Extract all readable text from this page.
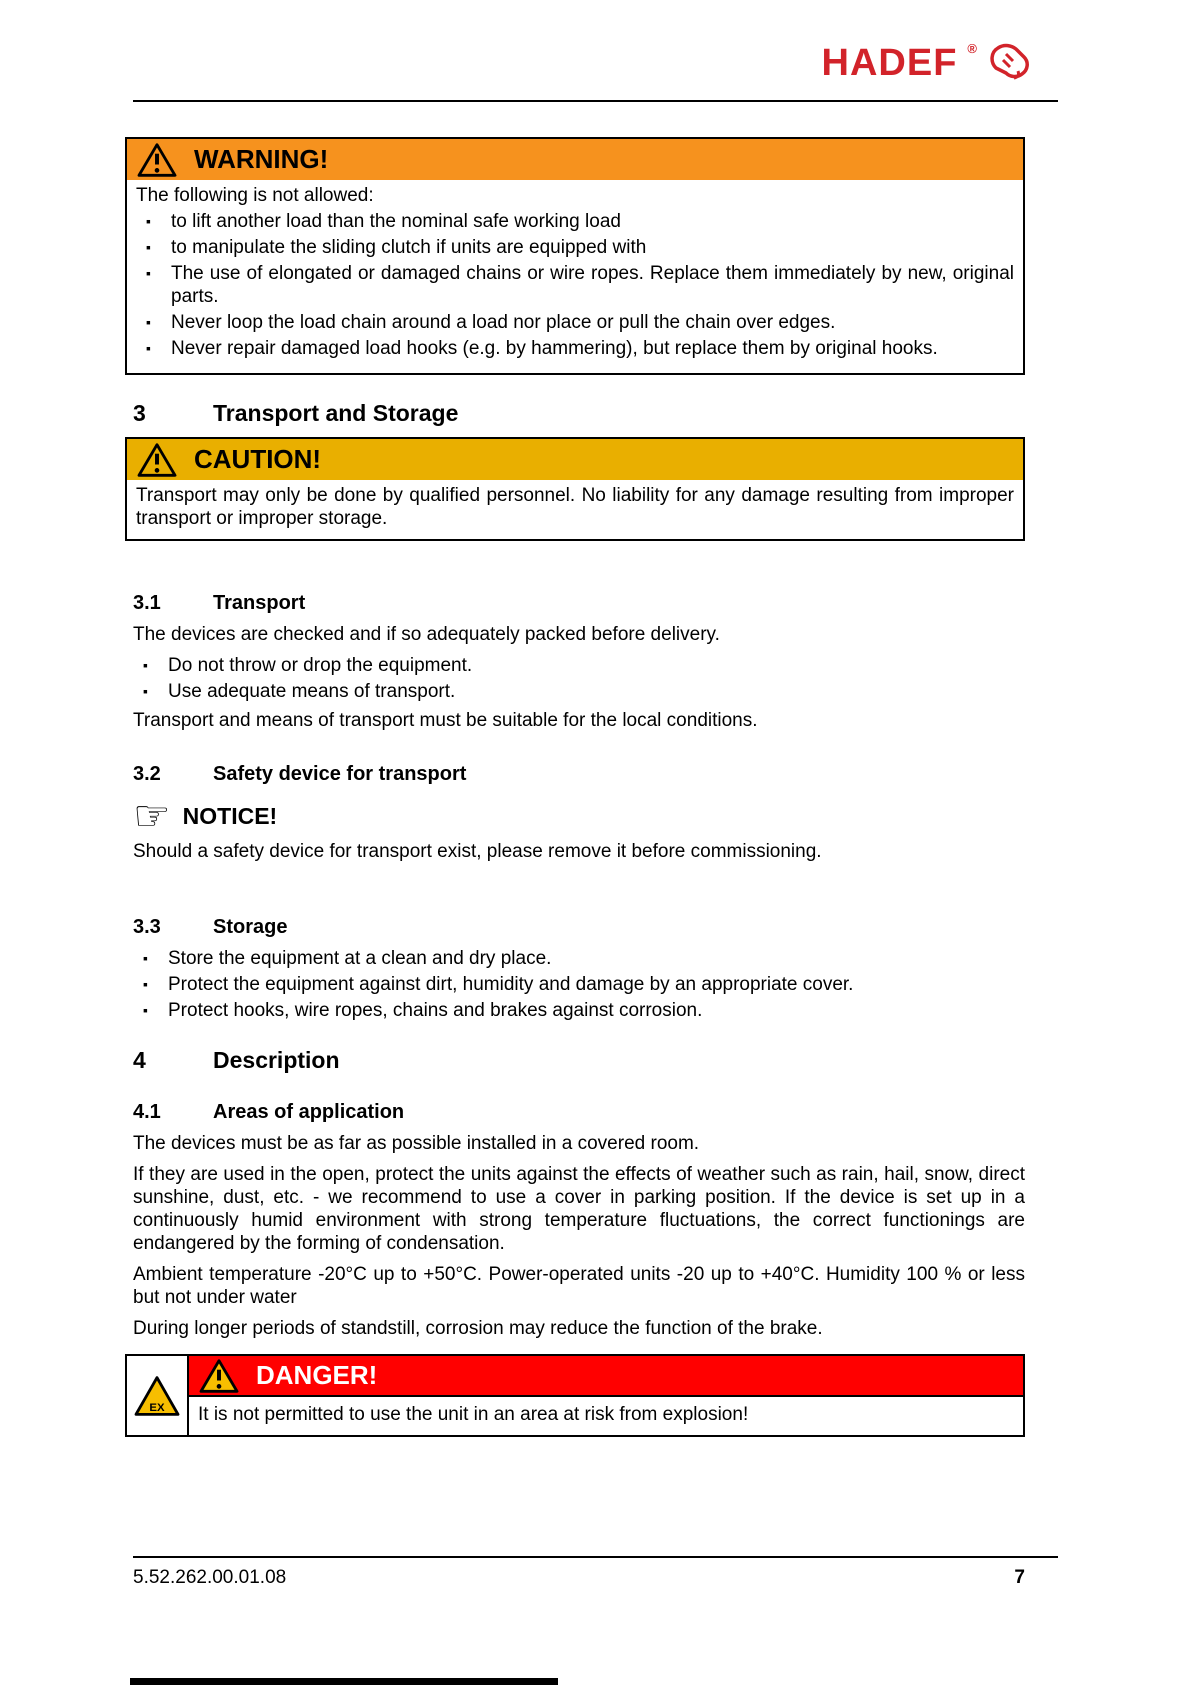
HADEF ®
WARNING!

The following is not allowed:

▪	to lift another load than the nominal safe working load
▪	to manipulate the sliding clutch if units are equipped with
▪	The use of elongated or damaged chains or wire ropes. Replace them immediately by new, original parts.
▪	Never loop the load chain around a load nor place or pull the chain over edges.
▪	Never repair damaged load hooks (e.g. by hammering), but replace them by original hooks.
3	Transport and Storage
CAUTION!

Transport may only be done by qualified personnel. No liability for any damage resulting from improper transport or improper storage.

3.1	Transport

The devices are checked and if so adequately packed before delivery.

▪	Do not throw or drop the equipment.
▪	Use adequate means of transport.

Transport and means of transport must be suitable for the local conditions.

3.2	Safety device for transport
☞ NOTICE!

Should a safety device for transport exist, please remove it before commissioning.

3.3	Storage
▪	Store the equipment at a clean and dry place.
▪	Protect the equipment against dirt, humidity and damage by an appropriate cover.
▪	Protect hooks, wire ropes, chains and brakes against corrosion.
4	Description
4.1	Areas of application

The devices must be as far as possible installed in a covered room.

If they are used in the open, protect the units against the effects of weather such as rain, hail, snow, direct sunshine, dust, etc. - we recommend to use a cover in parking position. If the device is set up in a continuously humid environment with strong temperature fluctuations, the correct functionings are endangered by the forming of condensation.

Ambient temperature -20°C up to +50°C. Power-operated units -20 up to +40°C. Humidity 100 % or less but not under water

During longer periods of standstill, corrosion may reduce the function of the brake.

EX
DANGER!

It is not permitted to use the unit in an area at risk from explosion!

5.52.262.00.01.08	7
